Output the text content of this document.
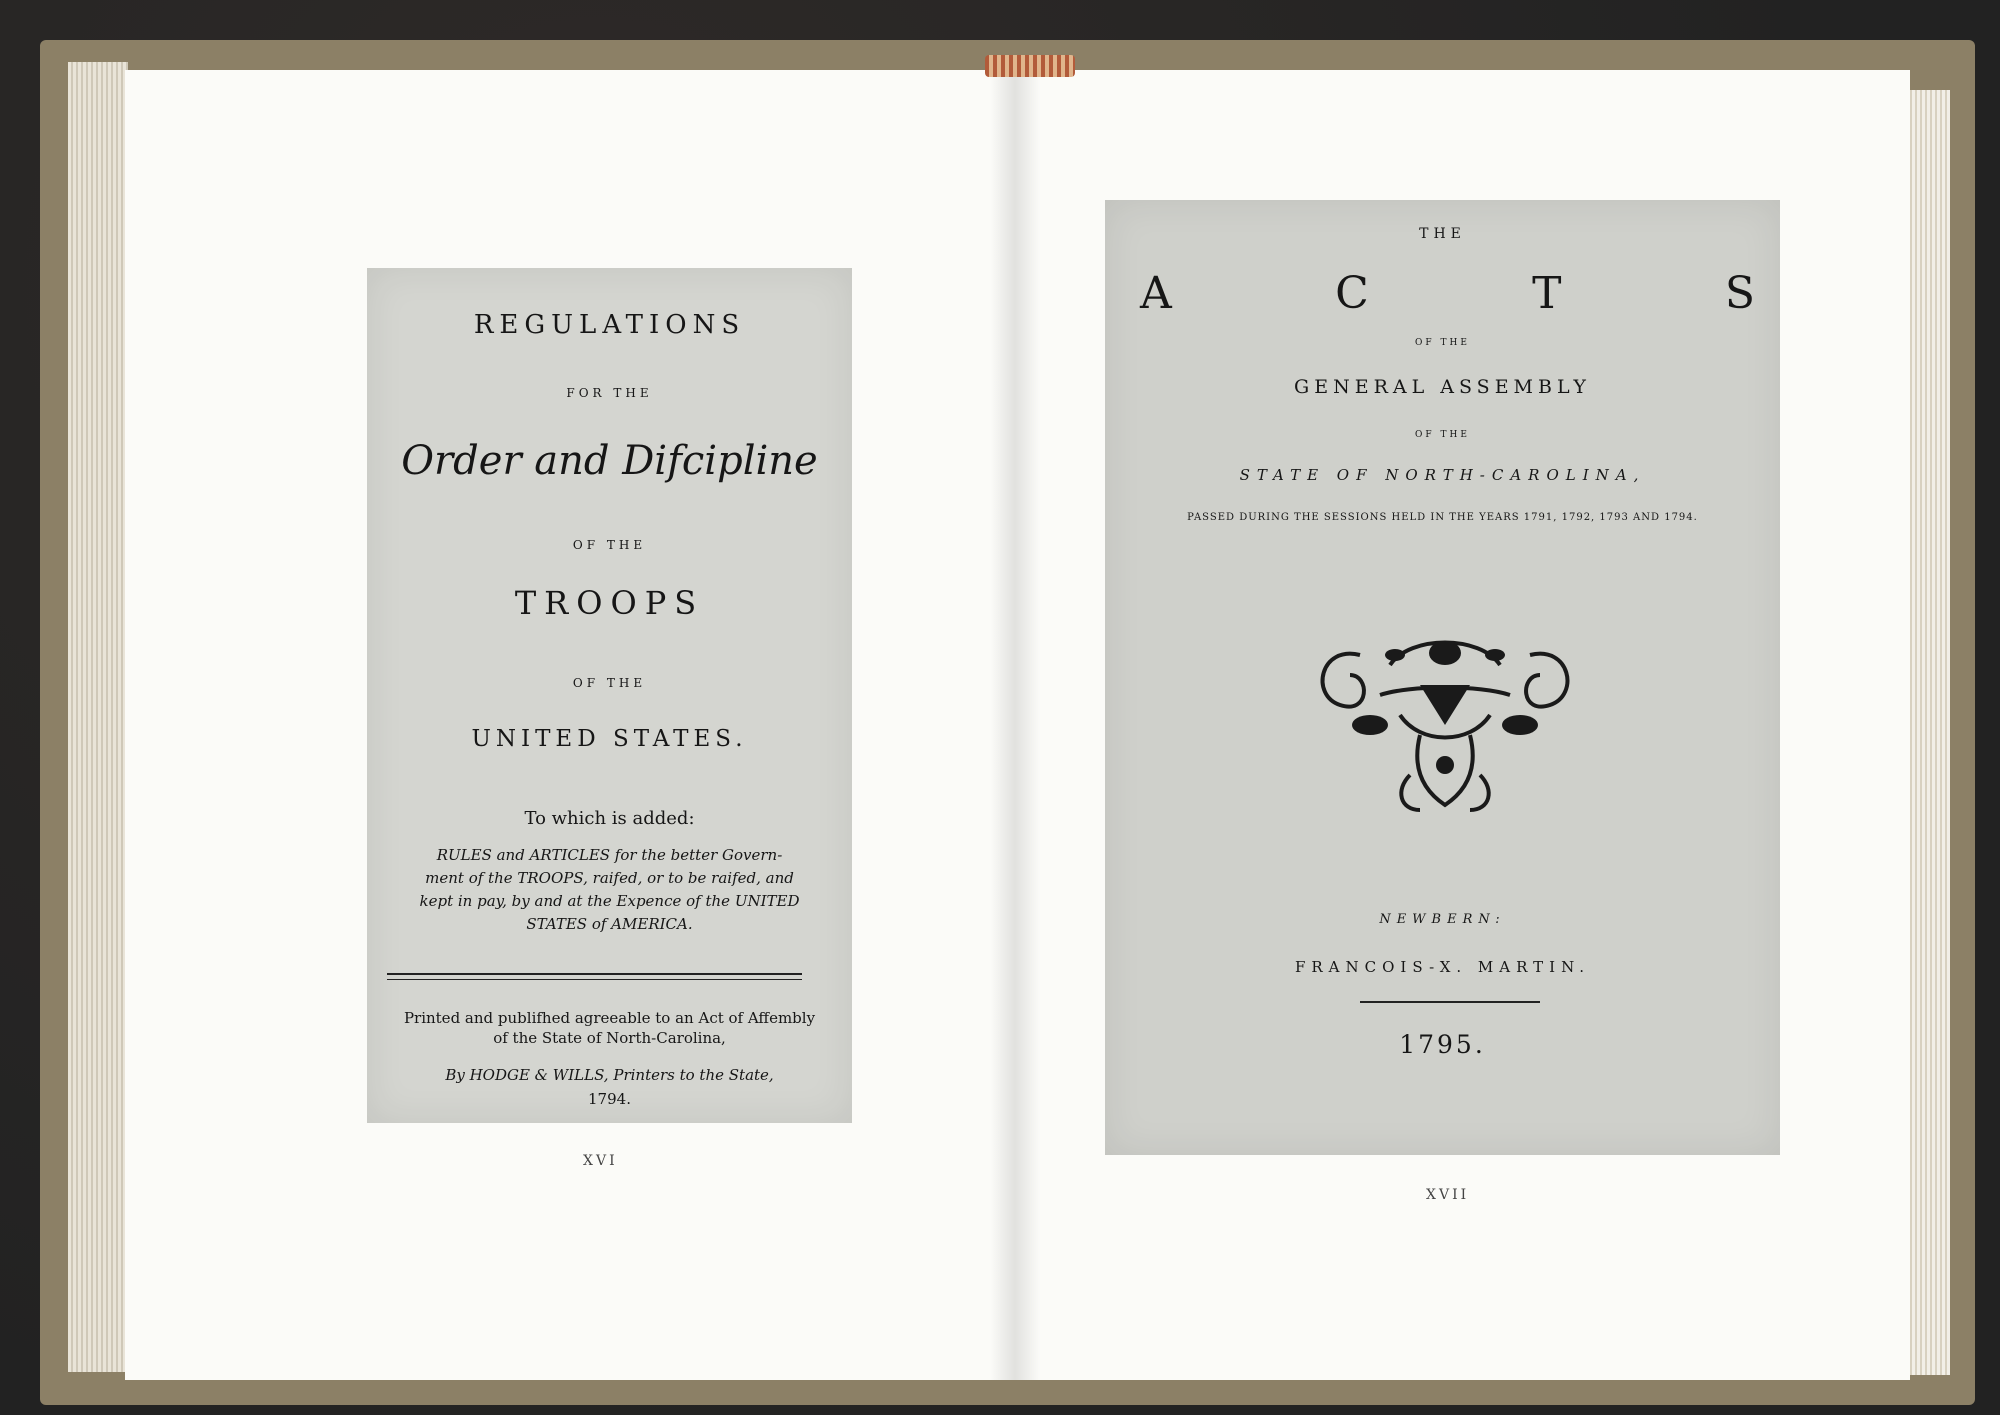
REGULATIONS
FOR THE
Order and Difcipline
OF THE
TROOPS
OF THE
UNITED STATES.
To which is added:
RULES and ARTICLES for the better Govern-
ment of the TROOPS, raifed, or to be raifed, and
kept in pay, by and at the Expence of the UNITED
STATES of AMERICA.
Printed and publifhed agreeable to an Act of Affembly
of the State of North-Carolina,
By HODGE & WILLS, Printers to the State,
1794.
XVI
THE
A	C	T	S
OF THE
GENERAL ASSEMBLY
OF THE
STATE OF NORTH-CAROLINA,
PASSED DURING THE SESSIONS HELD IN THE YEARS 1791, 1792, 1793 AND 1794.
NEWBERN:
FRANCOIS-X. MARTIN.
1795.
XVII
